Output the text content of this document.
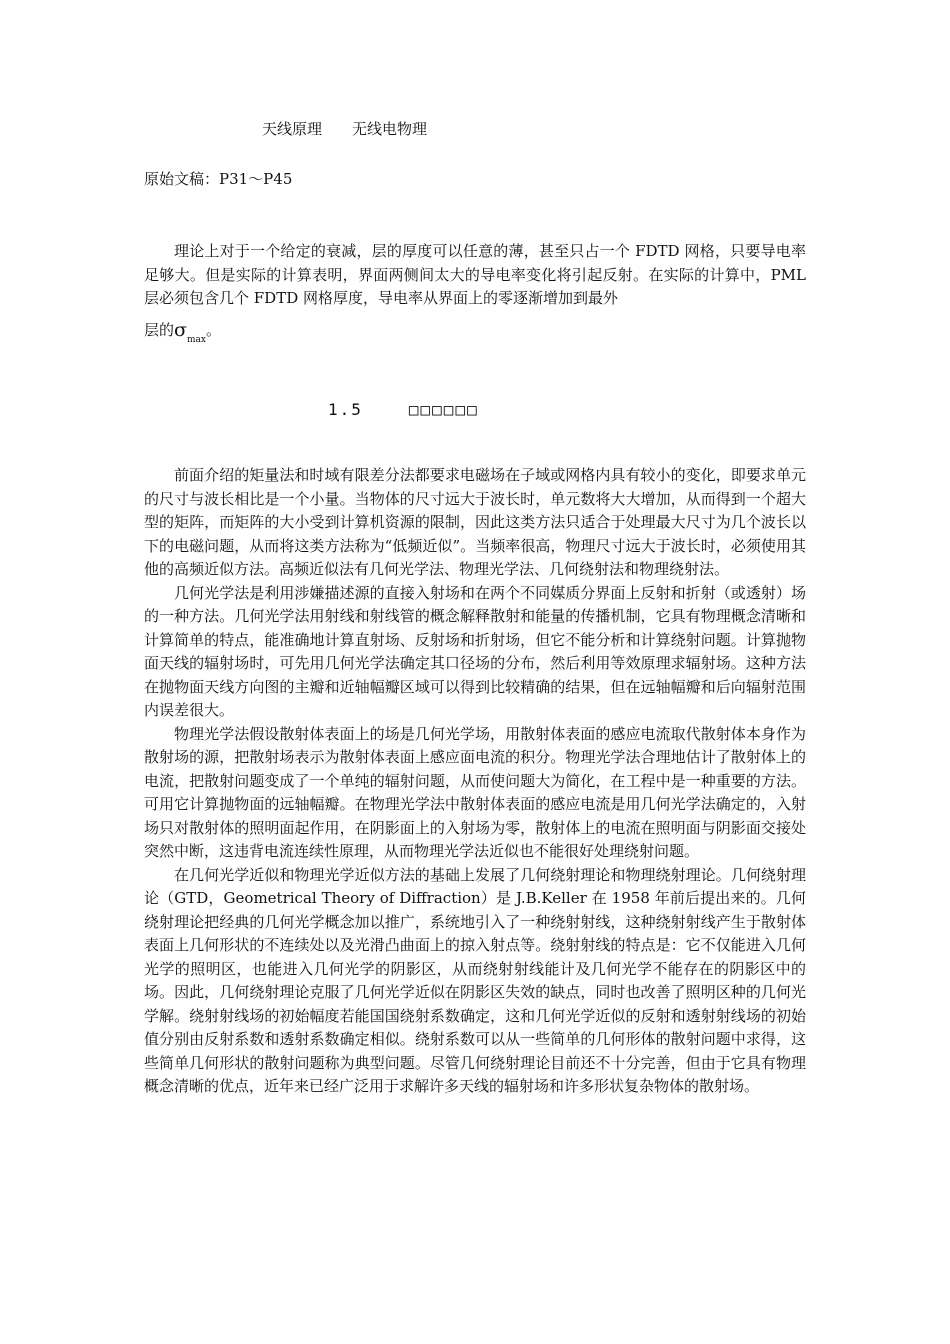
天线原理 无线电物理
原始文稿：P31～P45

理论上对于一个给定的衰减，层的厚度可以任意的薄，甚至只占一个 FDTD 网格，只要导电率足够大。但是实际的计算表明，界面两侧间太大的导电率变化将引起反射。在实际的计算中，PML 层必须包含几个 FDTD 网格厚度，导电率从界面上的零逐渐增加到最外

层的$\sigma_{max}$。

1.5	□□□□□□

前面介绍的矩量法和时域有限差分法都要求电磁场在子域或网格内具有较小的变化，即要求单元的尺寸与波长相比是一个小量。当物体的尺寸远大于波长时，单元数将大大增加，从而得到一个超大型的矩阵，而矩阵的大小受到计算机资源的限制，因此这类方法只适合于处理最大尺寸为几个波长以下的电磁问题，从而将这类方法称为“低频近似”。当频率很高，物理尺寸远大于波长时，必须使用其他的高频近似方法。高频近似法有几何光学法、物理光学法、几何绕射法和物理绕射法。

几何光学法是利用涉嫌描述源的直接入射场和在两个不同媒质分界面上反射和折射（或透射）场的一种方法。几何光学法用射线和射线管的概念解释散射和能量的传播机制，它具有物理概念清晰和计算简单的特点，能准确地计算直射场、反射场和折射场，但它不能分析和计算绕射问题。计算抛物面天线的辐射场时，可先用几何光学法确定其口径场的分布，然后利用等效原理求辐射场。这种方法在抛物面天线方向图的主瓣和近轴幅瓣区域可以得到比较精确的结果，但在远轴幅瓣和后向辐射范围内误差很大。

物理光学法假设散射体表面上的场是几何光学场，用散射体表面的感应电流取代散射体本身作为散射场的源，把散射场表示为散射体表面上感应面电流的积分。物理光学法合理地估计了散射体上的电流，把散射问题变成了一个单纯的辐射问题，从而使问题大为简化，在工程中是一种重要的方法。可用它计算抛物面的远轴幅瓣。在物理光学法中散射体表面的感应电流是用几何光学法确定的，入射场只对散射体的照明面起作用，在阴影面上的入射场为零，散射体上的电流在照明面与阴影面交接处突然中断，这违背电流连续性原理，从而物理光学法近似也不能很好处理绕射问题。

在几何光学近似和物理光学近似方法的基础上发展了几何绕射理论和物理绕射理论。几何绕射理论（GTD，Geometrical Theory of Diffraction）是 J.B.Keller 在 1958 年前后提出来的。几何绕射理论把经典的几何光学概念加以推广，系统地引入了一种绕射射线，这种绕射射线产生于散射体表面上几何形状的不连续处以及光滑凸曲面上的掠入射点等。绕射射线的特点是：它不仅能进入几何光学的照明区，也能进入几何光学的阴影区，从而绕射射线能计及几何光学不能存在的阴影区中的场。因此，几何绕射理论克服了几何光学近似在阴影区失效的缺点，同时也改善了照明区种的几何光学解。绕射射线场的初始幅度若能国国绕射系数确定，这和几何光学近似的反射和透射射线场的初始值分别由反射系数和透射系数确定相似。绕射系数可以从一些简单的几何形体的散射问题中求得，这些简单几何形状的散射问题称为典型问题。尽管几何绕射理论目前还不十分完善，但由于它具有物理概念清晰的优点，近年来已经广泛用于求解许多天线的辐射场和许多形状复杂物体的散射场。
